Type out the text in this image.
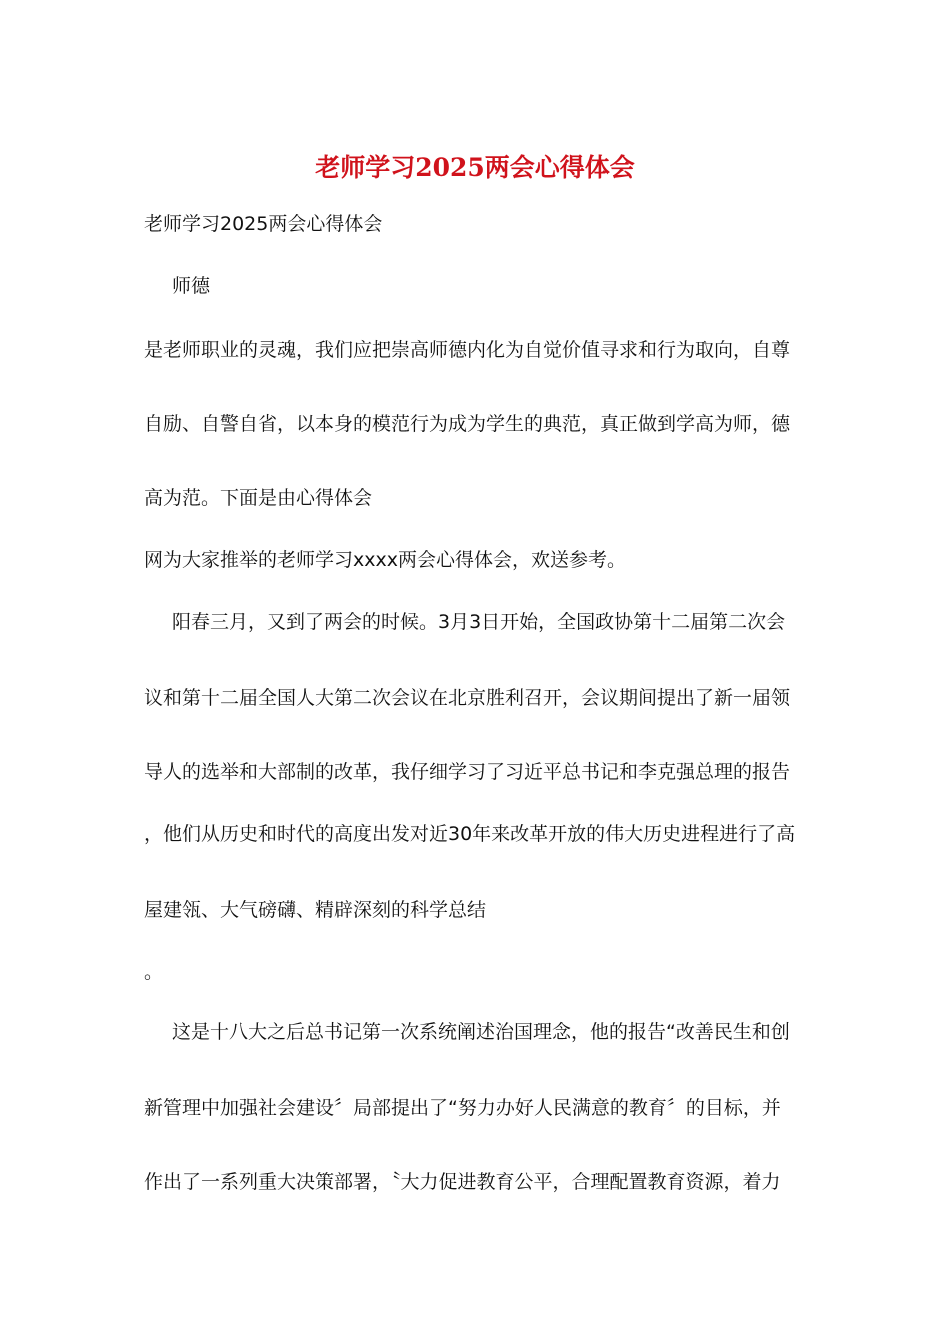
老师学习2025两会心得体会
老师学习2025两会心得体会
师德
是老师职业的灵魂，我们应把崇高师德内化为自觉价值寻求和行为取向，自尊
自励、自警自省，以本身的模范行为成为学生的典范，真正做到学高为师，德
高为范。下面是由心得体会
网为大家推举的老师学习xxxx两会心得体会，欢送参考。
阳春三月，又到了两会的时候。3月3日开始，全国政协第十二届第二次会
议和第十二届全国人大第二次会议在北京胜利召开，会议期间提出了新一届领
导人的选举和大部制的改革，我仔细学习了习近平总书记和李克强总理的报告
，他们从历史和时代的高度出发对近30年来改革开放的伟大历史进程进行了高
屋建瓴、大气磅礴、精辟深刻的科学总结
。
这是十八大之后总书记第一次系统阐述治国理念，他的报告“改善民生和创
新管理中加强社会建设〞局部提出了“努力办好人民满意的教育〞的目标，并
作出了一系列重大决策部署，〝大力促进教育公平，合理配置教育资源，着力
